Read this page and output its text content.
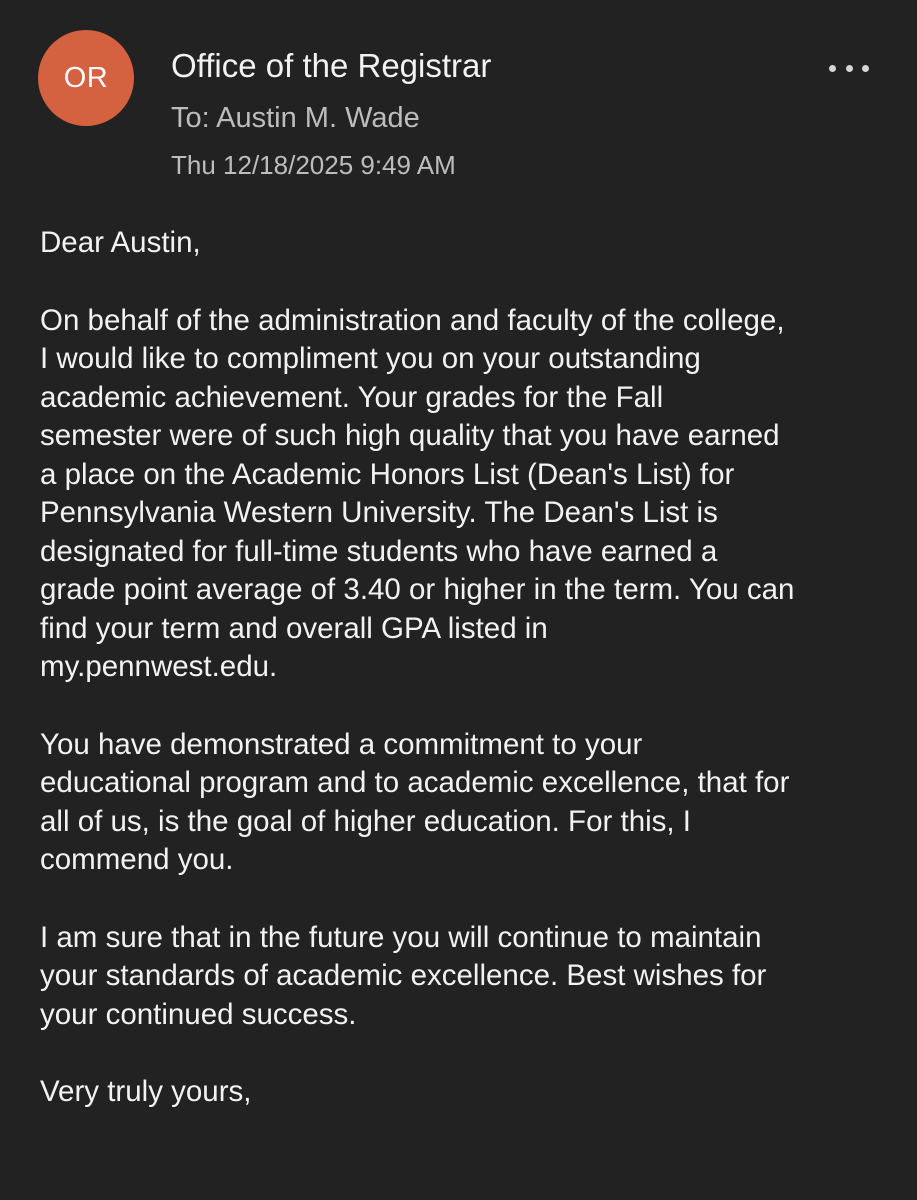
OR Office of the Registrar
To: Austin M. Wade
Thu 12/18/2025 9:49 AM

Dear Austin,

On behalf of the administration and faculty of the college,
I would like to compliment you on your outstanding
academic achievement. Your grades for the Fall
semester were of such high quality that you have earned
a place on the Academic Honors List (Dean's List) for
Pennsylvania Western University. The Dean's List is
designated for full-time students who have earned a
grade point average of 3.40 or higher in the term. You can
find your term and overall GPA listed in
my.pennwest.edu.

You have demonstrated a commitment to your
educational program and to academic excellence, that for
all of us, is the goal of higher education. For this, I
commend you.

I am sure that in the future you will continue to maintain
your standards of academic excellence. Best wishes for
your continued success.

Very truly yours,
